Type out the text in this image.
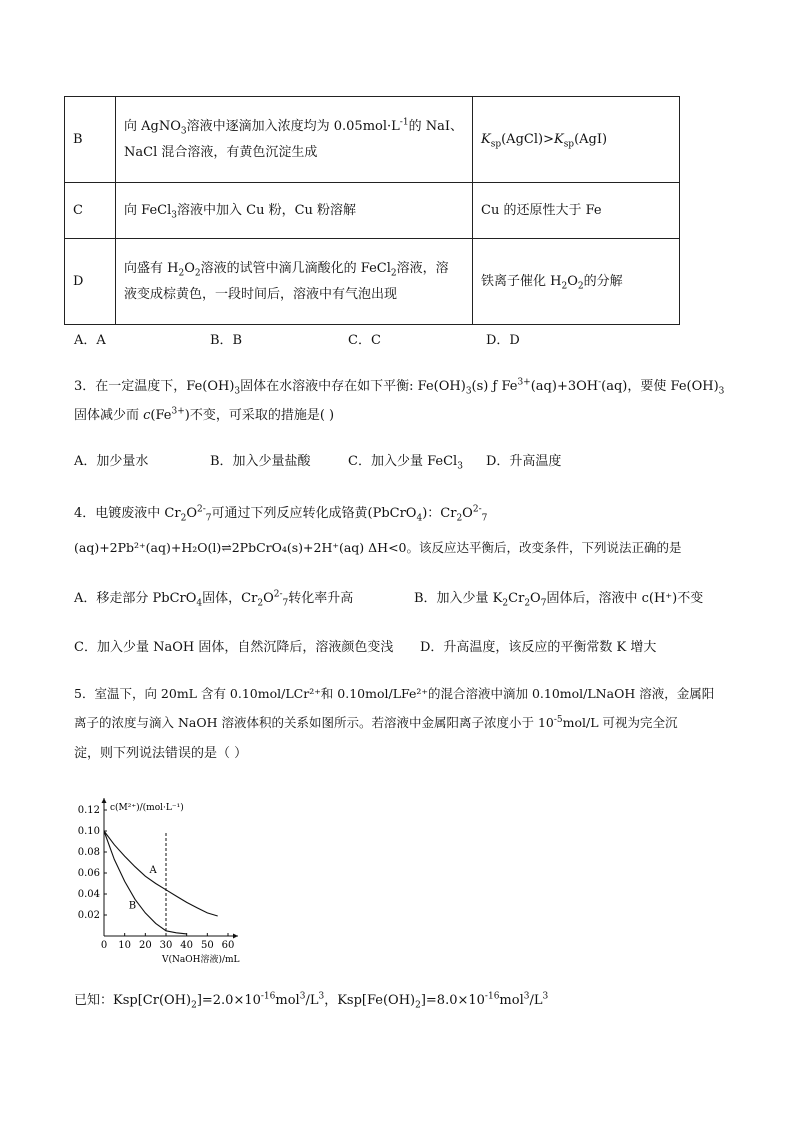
B	向 AgNO$_3$溶液中逐滴加入浓度均为 $0.05mol\cdot L^{-1}$的 NaI、
NaCl 混合溶液，有黄色沉淀生成	$K_{sp}(AgCl)>K_{sp}(AgI)$
C	向 FeCl$_3$溶液中加入 Cu 粉，Cu 粉溶解	Cu 的还原性大于 Fe
D	向盛有 $H_2O_2$溶液的试管中滴几滴酸化的 FeCl$_2$溶液，溶
液变成棕黄色，一段时间后，溶液中有气泡出现	铁离子催化 $H_2O_2$的分解
A．A	B．B	C．C	D．D
3．在一定温度下，$Fe(OH)_3$固体在水溶液中存在如下平衡: $Fe(OH)_3(s)$ ƒ $Fe^{3+}(aq)+3OH^-(aq)$，要使 $Fe(OH)_3$
固体减少而 $c(Fe^{3+})$不变，可采取的措施是( )
A．加少量水	B．加入少量盐酸	C．加入少量 FeCl$_3$ D．升高温度
4．电镀废液中 $Cr_2O^{2-}_7$可通过下列反应转化成铬黄(PbCrO$_4$)：$Cr_2O^{2-}_7$
(aq)+2Pb²⁺(aq)+H₂O(l)⇌2PbCrO₄(s)+2H⁺(aq) ΔH<0。该反应达平衡后，改变条件，下列说法正确的是
A．移走部分 PbCrO$_4$固体，$Cr_2O^{2-}_7$转化率升高	B．加入少量 $K_2Cr_2O_7$固体后，溶液中 c(H⁺)不变
C．加入少量 NaOH 固体，自然沉降后，溶液颜色变浅 D．升高温度，该反应的平衡常数 K 增大
5．室温下，向 20mL 含有 0.10mol/LCr²⁺和 0.10mol/LFe²⁺的混合溶液中滴加 0.10mol/LNaOH 溶液，金属阳
离子的浓度与滴入 NaOH 溶液体积的关系如图所示。若溶液中金属阳离子浓度小于 $10^{-5}mol/L$ 可视为完全沉
淀，则下列说法错误的是（ ）
0.02
0.04
0.06
0.08
0.10
0.12
0 10 20 30 40 50 60
A
B
c(M²⁺)/(mol·L⁻¹)
V(NaOH溶液)/mL
已知：$Ksp[Cr(OH)_2]=2.0\times 10^{-16}mol^3/L^3$，$Ksp[Fe(OH)_2]=8.0\times 10^{-16}mol^3/L^3$
